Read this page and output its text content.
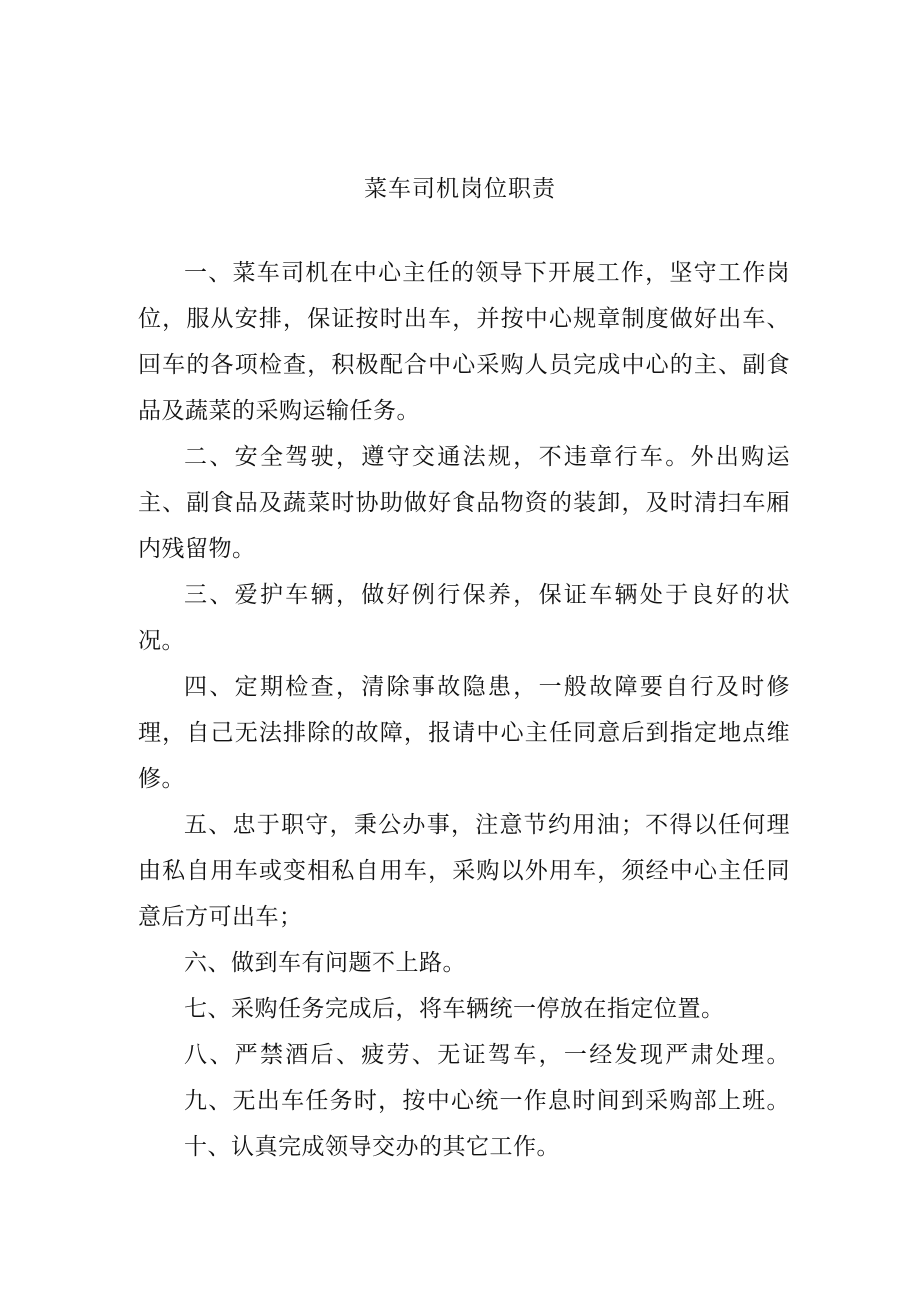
菜车司机岗位职责

一、菜车司机在中心主任的领导下开展工作，坚守工作岗位，服从安排，保证按时出车，并按中心规章制度做好出车、回车的各项检查，积极配合中心采购人员完成中心的主、副食品及蔬菜的采购运输任务。

二、安全驾驶，遵守交通法规，不违章行车。外出购运主、副食品及蔬菜时协助做好食品物资的装卸，及时清扫车厢内残留物。

三、爱护车辆，做好例行保养，保证车辆处于良好的状况。

四、定期检查，清除事故隐患，一般故障要自行及时修理，自己无法排除的故障，报请中心主任同意后到指定地点维修。

五、忠于职守，秉公办事，注意节约用油；不得以任何理由私自用车或变相私自用车，采购以外用车，须经中心主任同意后方可出车；

六、做到车有问题不上路。

七、采购任务完成后，将车辆统一停放在指定位置。

八、严禁酒后、疲劳、无证驾车，一经发现严肃处理。九、无出车任务时，按中心统一作息时间到采购部上班。十、认真完成领导交办的其它工作。
